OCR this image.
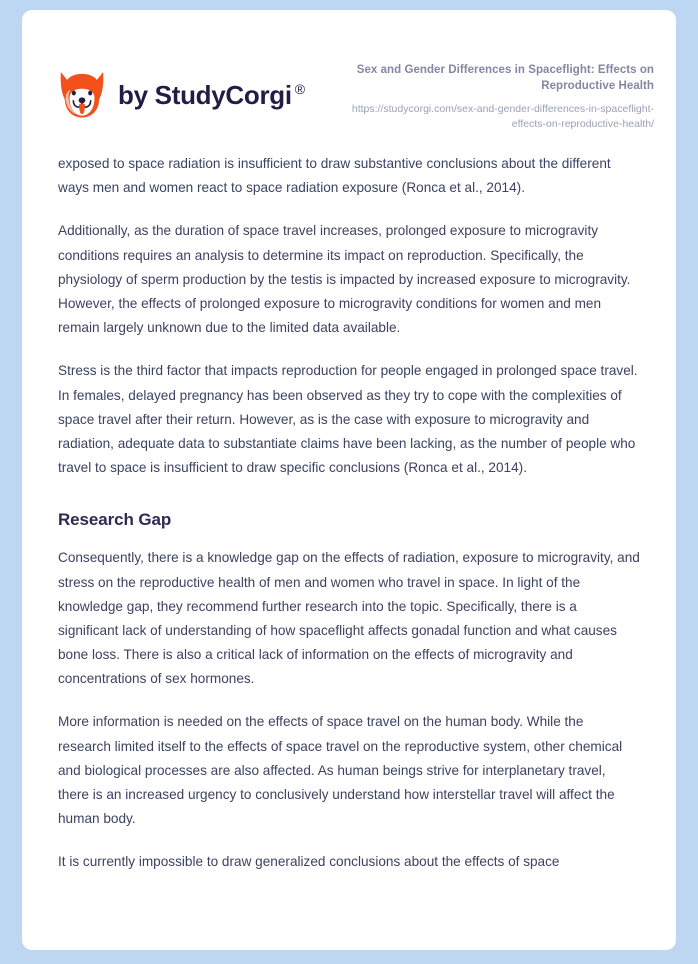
by StudyCorgi ®
Sex and Gender Differences in Spaceflight: Effects on Reproductive Health
https://studycorgi.com/sex-and-gender-differences-in-spaceflight-effects-on-reproductive-health/

exposed to space radiation is insufficient to draw substantive conclusions about the different ways men and women react to space radiation exposure (Ronca et al., 2014).

Additionally, as the duration of space travel increases, prolonged exposure to microgravity conditions requires an analysis to determine its impact on reproduction. Specifically, the physiology of sperm production by the testis is impacted by increased exposure to microgravity. However, the effects of prolonged exposure to microgravity conditions for women and men remain largely unknown due to the limited data available.

Stress is the third factor that impacts reproduction for people engaged in prolonged space travel. In females, delayed pregnancy has been observed as they try to cope with the complexities of space travel after their return. However, as is the case with exposure to microgravity and radiation, adequate data to substantiate claims have been lacking, as the number of people who travel to space is insufficient to draw specific conclusions (Ronca et al., 2014).

Research Gap

Consequently, there is a knowledge gap on the effects of radiation, exposure to microgravity, and stress on the reproductive health of men and women who travel in space. In light of the knowledge gap, they recommend further research into the topic. Specifically, there is a significant lack of understanding of how spaceflight affects gonadal function and what causes bone loss. There is also a critical lack of information on the effects of microgravity and concentrations of sex hormones.

More information is needed on the effects of space travel on the human body. While the research limited itself to the effects of space travel on the reproductive system, other chemical and biological processes are also affected. As human beings strive for interplanetary travel, there is an increased urgency to conclusively understand how interstellar travel will affect the human body.

It is currently impossible to draw generalized conclusions about the effects of space
